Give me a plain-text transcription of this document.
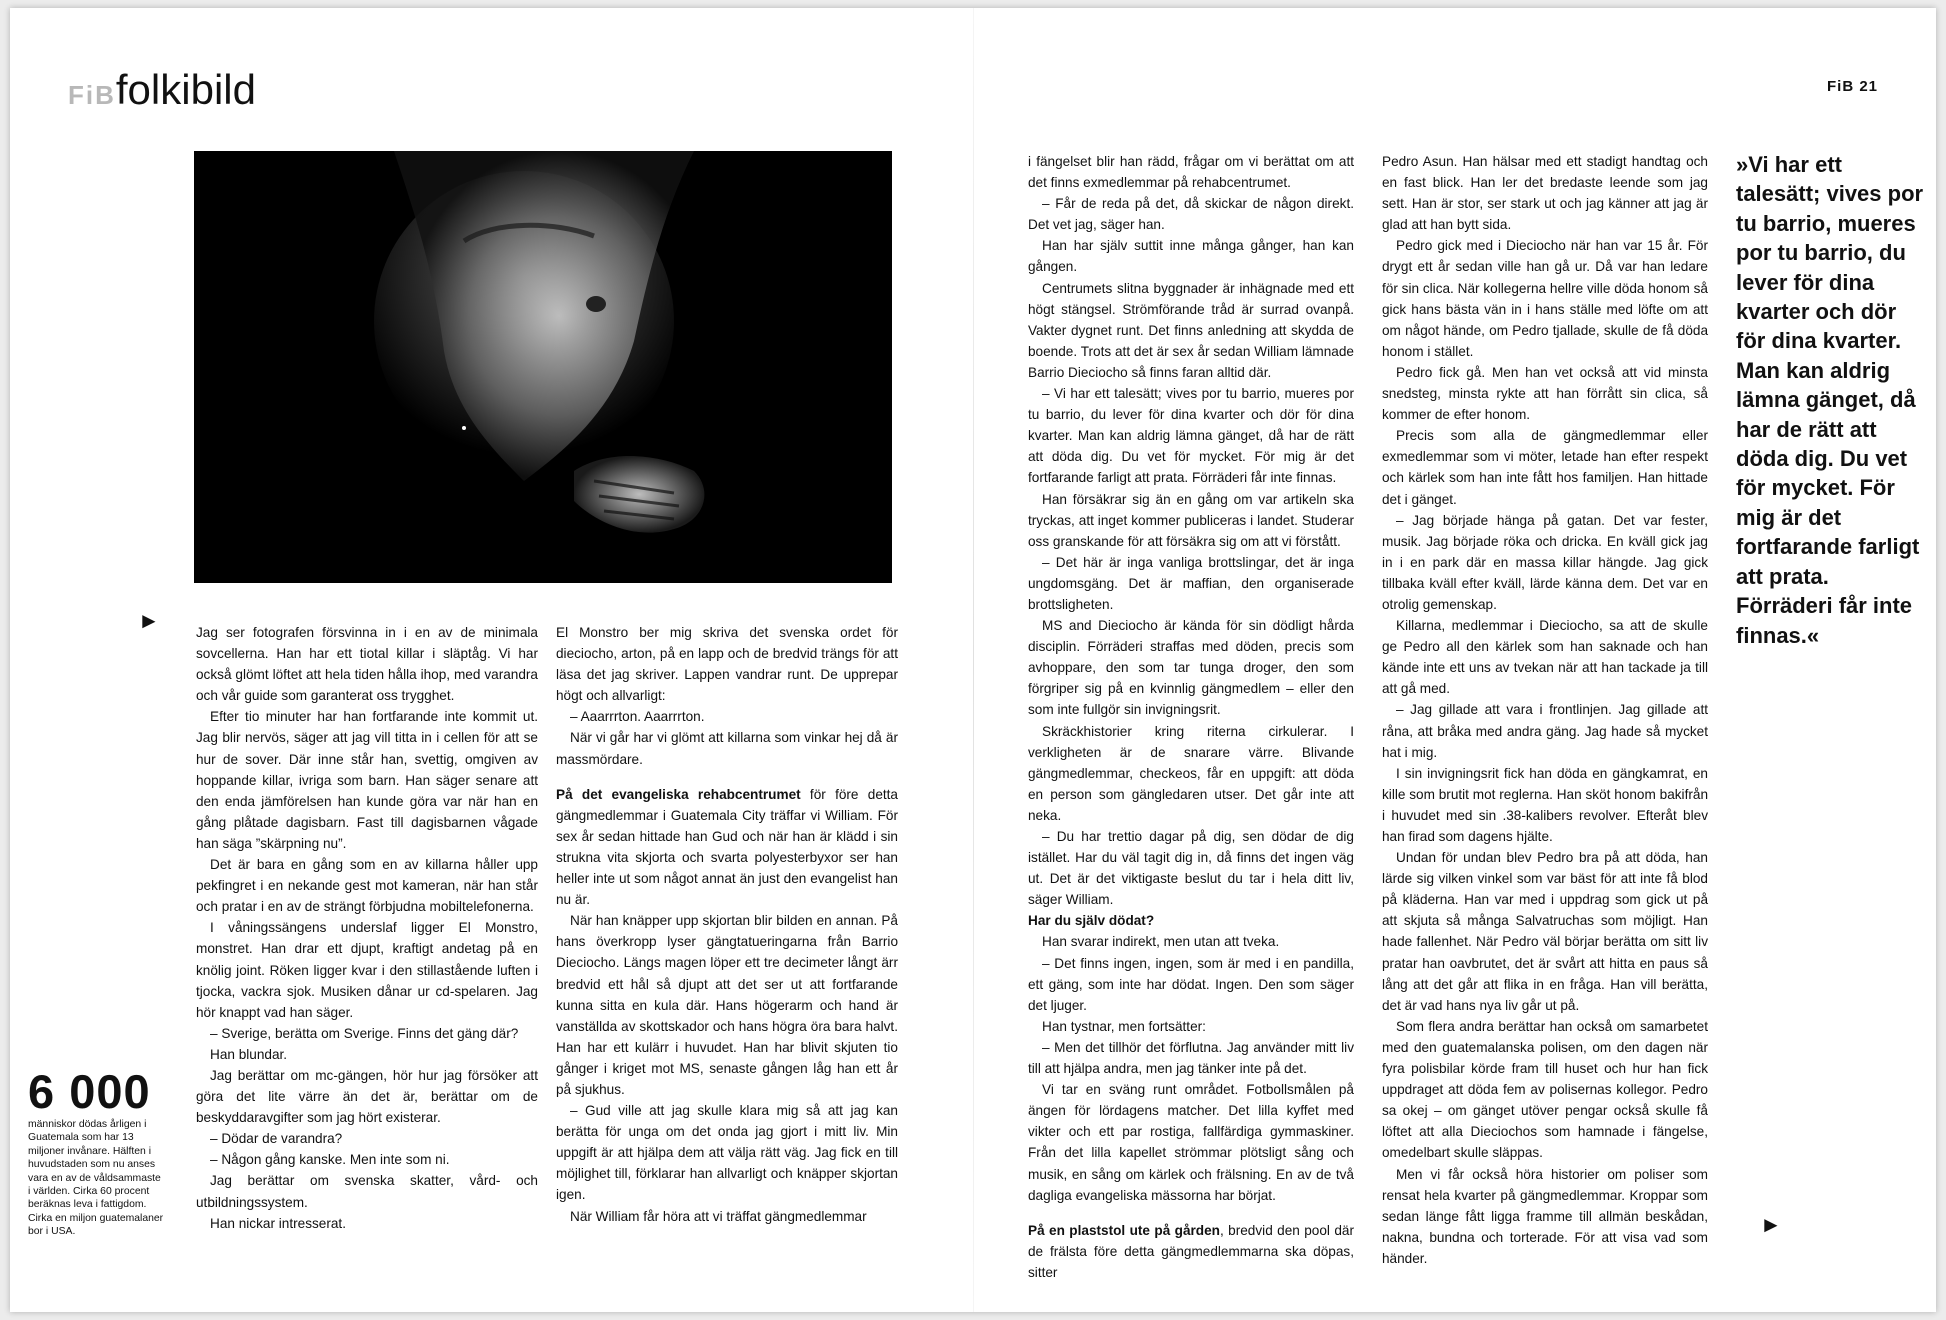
FiBfolkibild	FiB 21

Jag ser fotografen försvinna in i en av de minimala sovcellerna. Han har ett tiotal killar i släptåg. Vi har också glömt löftet att hela tiden hålla ihop, med varandra och vår guide som garanterat oss trygghet.

Efter tio minuter har han fortfarande inte kommit ut. Jag blir nervös, säger att jag vill titta in i cellen för att se hur de sover. Där inne står han, svettig, omgiven av hoppande killar, ivriga som barn. Han säger senare att den enda jämförelsen han kunde göra var när han en gång plåtade dagisbarn. Fast till dagisbarnen vågade han säga ”skärpning nu”.

Det är bara en gång som en av killarna håller upp pekfingret i en nekande gest mot kameran, när han står och pratar i en av de strängt förbjudna mobiltelefonerna.

I våningssängens underslaf ligger El Monstro, monstret. Han drar ett djupt, kraftigt andetag på en knölig joint. Röken ligger kvar i den stillastående luften i tjocka, vackra sjok. Musiken dånar ur cd-spelaren. Jag hör knappt vad han säger.

– Sverige, berätta om Sverige. Finns det gäng där?

Han blundar.

Jag berättar om mc-gängen, hör hur jag försöker att göra det lite värre än det är, berättar om de beskyddaravgifter som jag hört existerar.

– Dödar de varandra?

– Någon gång kanske. Men inte som ni.

Jag berättar om svenska skatter, vård- och utbildningssystem.

Han nickar intresserat.

El Monstro ber mig skriva det svenska ordet för dieciocho, arton, på en lapp och de bredvid trängs för att läsa det jag skriver. Lappen vandrar runt. De upprepar högt och allvarligt:

– Aaarrrton. Aaarrrton.

När vi går har vi glömt att killarna som vinkar hej då är massmördare.

På det evangeliska rehabcentrumet för före detta gängmedlemmar i Guatemala City träffar vi William. För sex år sedan hittade han Gud och när han är klädd i sin strukna vita skjorta och svarta polyesterbyxor ser han heller inte ut som något annat än just den evangelist han nu är.

När han knäpper upp skjortan blir bilden en annan. På hans överkropp lyser gängtatueringarna från Barrio Dieciocho. Längs magen löper ett tre decimeter långt ärr bredvid ett hål så djupt att det ser ut att fortfarande kunna sitta en kula där. Hans högerarm och hand är vanställda av skottskador och hans högra öra bara halvt. Han har ett kulärr i huvudet. Han har blivit skjuten tio gånger i kriget mot MS, senaste gången låg han ett år på sjukhus.

– Gud ville att jag skulle klara mig så att jag kan berätta för unga om det onda jag gjort i mitt liv. Min uppgift är att hjälpa dem att välja rätt väg. Jag fick en till möjlighet till, förklarar han allvarligt och knäpper skjortan igen.

När William får höra att vi träffat gängmedlemmar

i fängelset blir han rädd, frågar om vi berättat om att det finns exmedlemmar på rehabcentrumet.

– Får de reda på det, då skickar de någon direkt. Det vet jag, säger han.

Han har själv suttit inne många gånger, han kan gången.

Centrumets slitna byggnader är inhägnade med ett högt stängsel. Strömförande tråd är surrad ovanpå. Vakter dygnet runt. Det finns anledning att skydda de boende. Trots att det är sex år sedan William lämnade Barrio Dieciocho så finns faran alltid där.

– Vi har ett talesätt; vives por tu barrio, mueres por tu barrio, du lever för dina kvarter och dör för dina kvarter. Man kan aldrig lämna gänget, då har de rätt att döda dig. Du vet för mycket. För mig är det fortfarande farligt att prata. Förräderi får inte finnas.

Han försäkrar sig än en gång om var artikeln ska tryckas, att inget kommer publiceras i landet. Studerar oss granskande för att försäkra sig om att vi förstått.

– Det här är inga vanliga brottslingar, det är inga ungdomsgäng. Det är maffian, den organiserade brottsligheten.

MS and Dieciocho är kända för sin dödligt hårda disciplin. Förräderi straffas med döden, precis som avhoppare, den som tar tunga droger, den som förgriper sig på en kvinnlig gängmedlem – eller den som inte fullgör sin invigningsrit.

Skräckhistorier kring riterna cirkulerar. I verkligheten är de snarare värre. Blivande gängmedlemmar, checkeos, får en uppgift: att döda en person som gängledaren utser. Det går inte att neka.

– Du har trettio dagar på dig, sen dödar de dig istället. Har du väl tagit dig in, då finns det ingen väg ut. Det är det viktigaste beslut du tar i hela ditt liv, säger William.

Har du själv dödat?

Han svarar indirekt, men utan att tveka.

– Det finns ingen, ingen, som är med i en pandilla, ett gäng, som inte har dödat. Ingen. Den som säger det ljuger.

Han tystnar, men fortsätter:

– Men det tillhör det förflutna. Jag använder mitt liv till att hjälpa andra, men jag tänker inte på det.

Vi tar en sväng runt området. Fotbollsmålen på ängen för lördagens matcher. Det lilla kyffet med vikter och ett par rostiga, fallfärdiga gymmaskiner. Från det lilla kapellet strömmar plötsligt sång och musik, en sång om kärlek och frälsning. En av de två dagliga evangeliska mässorna har börjat.

På en plaststol ute på gården, bredvid den pool där de frälsta före detta gängmedlemmarna ska döpas, sitter

Pedro Asun. Han hälsar med ett stadigt handtag och en fast blick. Han ler det bredaste leende som jag sett. Han är stor, ser stark ut och jag känner att jag är glad att han bytt sida.

Pedro gick med i Dieciocho när han var 15 år. För drygt ett år sedan ville han gå ur. Då var han ledare för sin clica. När kollegerna hellre ville döda honom så gick hans bästa vän in i hans ställe med löfte om att om något hände, om Pedro tjallade, skulle de få döda honom i stället.

Pedro fick gå. Men han vet också att vid minsta snedsteg, minsta rykte att han förrått sin clica, så kommer de efter honom.

Precis som alla de gängmedlemmar eller exmedlemmar som vi möter, letade han efter respekt och kärlek som han inte fått hos familjen. Han hittade det i gänget.

– Jag började hänga på gatan. Det var fester, musik. Jag började röka och dricka. En kväll gick jag in i en park där en massa killar hängde. Jag gick tillbaka kväll efter kväll, lärde känna dem. Det var en otrolig gemenskap.

Killarna, medlemmar i Dieciocho, sa att de skulle ge Pedro all den kärlek som han saknade och han kände inte ett uns av tvekan när att han tackade ja till att gå med.

– Jag gillade att vara i frontlinjen. Jag gillade att råna, att bråka med andra gäng. Jag hade så mycket hat i mig.

I sin invigningsrit fick han döda en gängkamrat, en kille som brutit mot reglerna. Han sköt honom bakifrån i huvudet med sin .38-kalibers revolver. Efteråt blev han firad som dagens hjälte.

Undan för undan blev Pedro bra på att döda, han lärde sig vilken vinkel som var bäst för att inte få blod på kläderna. Han var med i uppdrag som gick ut på att skjuta så många Salvatruchas som möjligt. Han hade fallenhet. När Pedro väl börjar berätta om sitt liv pratar han oavbrutet, det är svårt att hitta en paus så lång att det går att flika in en fråga. Han vill berätta, det är vad hans nya liv går ut på.

Som flera andra berättar han också om samarbetet med den guatemalanska polisen, om den dagen när fyra polisbilar körde fram till huset och hur han fick uppdraget att döda fem av polisernas kollegor. Pedro sa okej – om gänget utöver pengar också skulle få löftet att alla Dieciochos som hamnade i fängelse, omedelbart skulle släppas.

Men vi får också höra historier om poliser som rensat hela kvarter på gängmedlemmar. Kroppar som sedan länge fått ligga framme till allmän beskådan, nakna, bundna och torterade. För att visa vad som händer.

6 000
människor dödas årligen i Guatemala som har 13 miljoner invånare. Hälften i huvudstaden som nu anses vara en av de våldsammaste i världen. Cirka 60 procent beräknas leva i fattigdom. Cirka en miljon guatemalaner bor i USA.
»Vi har ett talesätt; vives por tu barrio, mueres por tu barrio, du lever för dina kvarter och dör för dina kvarter. Man kan aldrig lämna gänget, då har de rätt att döda dig. Du vet för mycket. För mig är det fortfarande farligt att prata. Förräderi får inte finnas.«
►
►
